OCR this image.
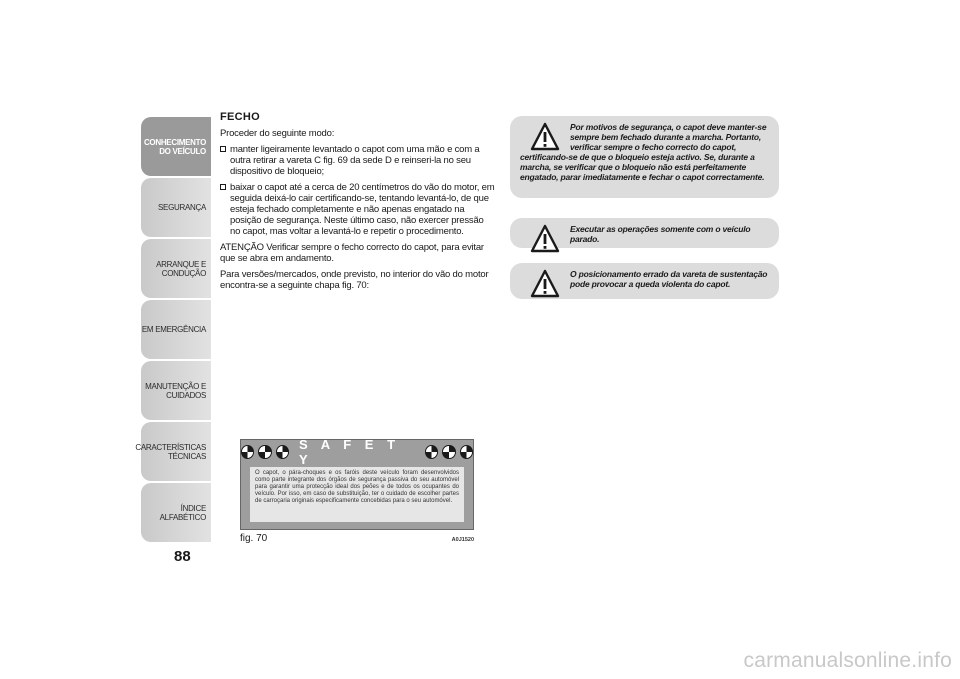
CONHECIMENTO
DO VEÍCULO
SEGURANÇA
ARRANQUE E
CONDUÇÃO
EM EMERGÊNCIA
MANUTENÇÃO E
CUIDADOS
CARACTERÍSTICAS
TÉCNICAS
ÍNDICE ALFABÉTICO
88
FECHO

Proceder do seguinte modo:

manter ligeiramente levantado o capot com uma mão e com a outra retirar a vareta C fig. 69 da sede D e reinseri-la no seu dispositivo de bloqueio;
baixar o capot até a cerca de 20 centímetros do vão do motor, em seguida deixá-lo cair certificando-se, tentando levantá-lo, de que esteja fechado completamente e não apenas engatado na posição de segurança. Neste último caso, não exercer pressão no capot, mas voltar a levantá-lo e repetir o procedimento.

ATENÇÃO Verificar sempre o fecho correcto do capot, para evitar que se abra em andamento.

Para versões/mercados, onde previsto, no interior do vão do motor encontra-se a seguinte chapa fig. 70:

Por motivos de segurança, o capot deve manter-se sempre bem fechado durante a marcha. Portanto, verificar sempre o fecho correcto do capot, certificando-se de que o bloqueio esteja activo. Se, durante a marcha, se verificar que o bloqueio não está perfeitamente engatado, parar imediatamente e fechar o capot correctamente.
Executar as operações somente com o veículo parado.
O posicionamento errado da vareta de sustentação pode provocar a queda violenta do capot.
S A F E T Y
O capot, o pára-choques e os faróis deste veículo foram desenvolvidos como parte integrante dos órgãos de segurança passiva do seu automóvel para garantir uma protecção ideal dos peões e de todos os ocupantes do veículo. Por isso, em caso de substituição, ter o cuidado de escolher partes de carroçaria originais especificamente concebidas para o seu automóvel.
fig. 70	A0J1520
carmanualsonline.info
